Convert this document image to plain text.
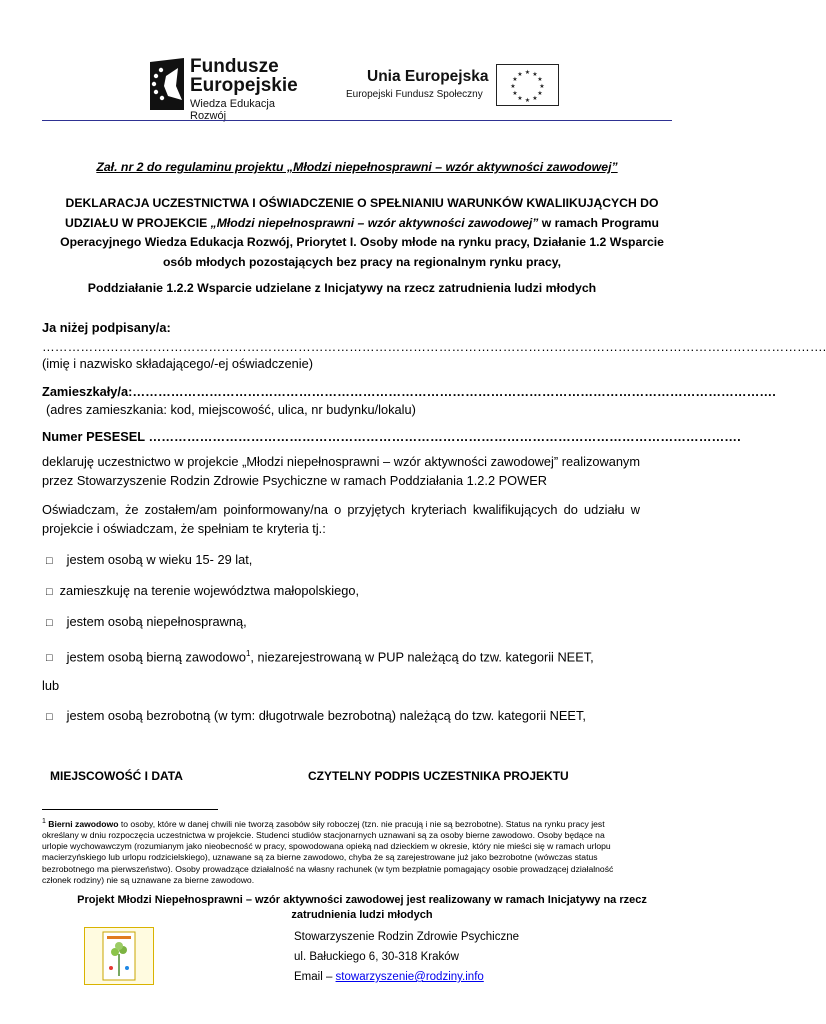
Fundusze
Europejskie
Wiedza Edukacja Rozwój
Unia Europejska
Europejski Fundusz Społeczny
★ ★
★
★
★
★
★
★
★
★
★
★
Zał. nr 2 do regulaminu projektu „Młodzi niepełnosprawni – wzór aktywności zawodowej”
DEKLARACJA UCZESTNICTWA I OŚWIADCZENIE O SPEŁNIANIU WARUNKÓW KWALIIKUJĄCYCH DO
UDZIAŁU W PROJEKCIE „Młodzi niepełnosprawni – wzór aktywności zawodowej” w ramach Programu
Operacyjnego Wiedza Edukacja Rozwój, Priorytet I. Osoby młode na rynku pracy, Działanie 1.2 Wsparcie
osób młodych pozostających bez pracy na regionalnym rynku pracy,
Poddziałanie 1.2.2 Wsparcie udzielane z Inicjatywy na rzecz zatrudnienia ludzi młodych
Ja niżej podpisany/a:
………………………………………………………………………………………………………………………………………………………………….
(imię i nazwisko składającego/-ej oświadczenie)
Zamieszkały/a:…………………………………………………………………………………………………………………………………….
(adres zamieszkania: kod, miejscowość, ulica, nr budynku/lokalu)
Numer PESESEL ………………………………………………………………………………………………………………………….
deklaruję uczestnictwo w projekcie „Młodzi niepełnosprawni – wzór aktywności zawodowej” realizowanym
przez Stowarzyszenie Rodzin Zdrowie Psychiczne w ramach Poddziałania 1.2.2 POWER
Oświadczam, że zostałem/am poinformowany/na o przyjętych kryteriach kwalifikujących do udziału w
projekcie i oświadczam, że spełniam te kryteria tj.:
□ jestem osobą w wieku 15- 29 lat,
□ zamieszkuję na terenie województwa małopolskiego,
□ jestem osobą niepełnosprawną,
□ jestem osobą bierną zawodowo$^1$, niezarejestrowaną w PUP należącą do tzw. kategorii NEET,
lub
□ jestem osobą bezrobotną (w tym: długotrwale bezrobotną) należącą do tzw. kategorii NEET,
MIEJSCOWOŚĆ I DATA	CZYTELNY PODPIS UCZESTNIKA PROJEKTU
$^1$ Bierni zawodowo to osoby, które w danej chwili nie tworzą zasobów siły roboczej (tzn. nie pracują i nie są bezrobotne). Status na rynku pracy jest
określany w dniu rozpoczęcia uczestnictwa w projekcie. Studenci studiów stacjonarnych uznawani są za osoby bierne zawodowo. Osoby będące na
urlopie wychowawczym (rozumianym jako nieobecność w pracy, spowodowana opieką nad dzieckiem w okresie, który nie mieści się w ramach urlopu
macierzyńskiego lub urlopu rodzicielskiego), uznawane są za bierne zawodowo, chyba że są zarejestrowane już jako bezrobotne (wówczas status
bezrobotnego ma pierwszeństwo). Osoby prowadzące działalność na własny rachunek (w tym bezpłatnie pomagający osobie prowadzącej działalność
członek rodziny) nie są uznawane za bierne zawodowo.
Projekt Młodzi Niepełnosprawni – wzór aktywności zawodowej jest realizowany w ramach Inicjatywy na rzecz
zatrudnienia ludzi młodych
Stowarzyszenie Rodzin Zdrowie Psychiczne
ul. Bałuckiego 6, 30-318 Kraków
Email – stowarzyszenie@rodziny.info
